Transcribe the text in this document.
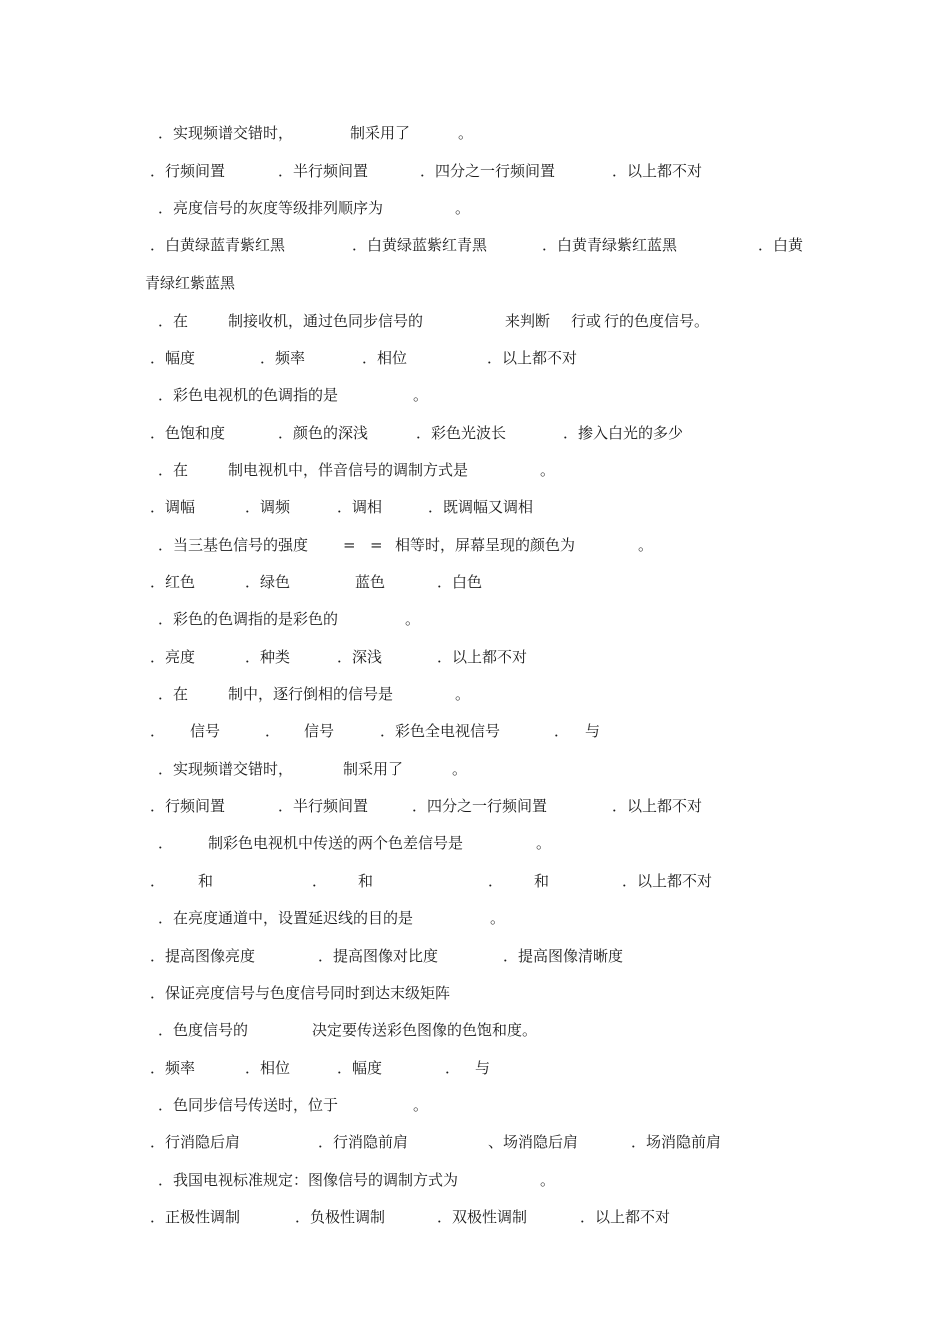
．实现频谱交错时，	制采用了	。
．行频间置	．半行频间置	．四分之一行频间置	．以上都不对
．亮度信号的灰度等级排列顺序为	。
．白黄绿蓝青紫红黑	．白黄绿蓝紫红青黑	．白黄青绿紫红蓝黑	．白黄
青绿红紫蓝黑
．在	制接收机，通过色同步信号的	来判断 行或 行的色度信号。
．幅度	．频率	．相位	．以上都不对
．彩色电视机的色调指的是	。
．色饱和度	．颜色的深浅	．彩色光波长	．掺入白光的多少
．在	制电视机中，伴音信号的调制方式是	。
．调幅	．调频	．调相	．既调幅又调相
．当三基色信号的强度 = = 相等时，屏幕呈现的颜色为	。
．红色	．绿色	蓝色	．白色
．彩色的色调指的是彩色的	。
．亮度	．种类	．深浅	．以上都不对
．在	制中，逐行倒相的信号是	。
． 信号	． 信号	．彩色全电视信号	． 与
．实现频谱交错时，	制采用了	。
．行频间置	．半行频间置	．四分之一行频间置	．以上都不对
． 制彩色电视机中传送的两个色差信号是	。
． 和	． 和	． 和	．以上都不对
．在亮度通道中，设置延迟线的目的是	。
．提高图像亮度	．提高图像对比度	．提高图像清晰度
．保证亮度信号与色度信号同时到达末级矩阵
．色度信号的	决定要传送彩色图像的色饱和度。
．频率	．相位	．幅度	． 与
．色同步信号传送时，位于	。
．行消隐后肩	．行消隐前肩	、场消隐后肩	．场消隐前肩
．我国电视标准规定：图像信号的调制方式为	。
．正极性调制	．负极性调制	．双极性调制	．以上都不对
